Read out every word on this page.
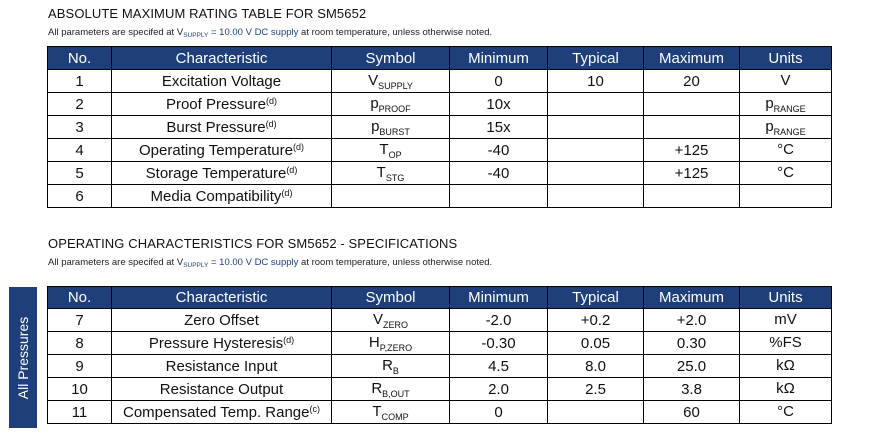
ABSOLUTE MAXIMUM RATING TABLE FOR SM5652
All parameters are specifed at $V_{SUPPLY} = 10.00$ V DC supply at room temperature, unless otherwise noted.
No.	Characteristic	Symbol	Minimum	Typical	Maximum	Units
1	Excitation Voltage	$V_{SUPPLY}$	0	10	20	V
2	Proof Pressure$^{(d)}$	$p_{PROOF}$	10x			$p_{RANGE}$
3	Burst Pressure$^{(d)}$	$p_{BURST}$	15x			$p_{RANGE}$
4	Operating Temperature$^{(d)}$	$T_{OP}$	-40		+125	°C
5	Storage Temperature$^{(d)}$	$T_{STG}$	-40		+125	°C
6	Media Compatibility$^{(d)}$					
OPERATING CHARACTERISTICS FOR SM5652 - SPECIFICATIONS
All parameters are specifed at $V_{SUPPLY} = 10.00$ V DC supply at room temperature, unless otherwise noted.
All Pressures
No.	Characteristic	Symbol	Minimum	Typical	Maximum	Units
7	Zero Offset	$V_{ZERO}$	-2.0	+0.2	+2.0	mV
8	Pressure Hysteresis$^{(d)}$	$H_{P,ZERO}$	-0.30	0.05	0.30	%FS
9	Resistance Input	$R_B$	4.5	8.0	25.0	kΩ
10	Resistance Output	$R_{B,OUT}$	2.0	2.5	3.8	kΩ
11	Compensated Temp. Range$^{(c)}$	$T_{COMP}$	0		60	°C
